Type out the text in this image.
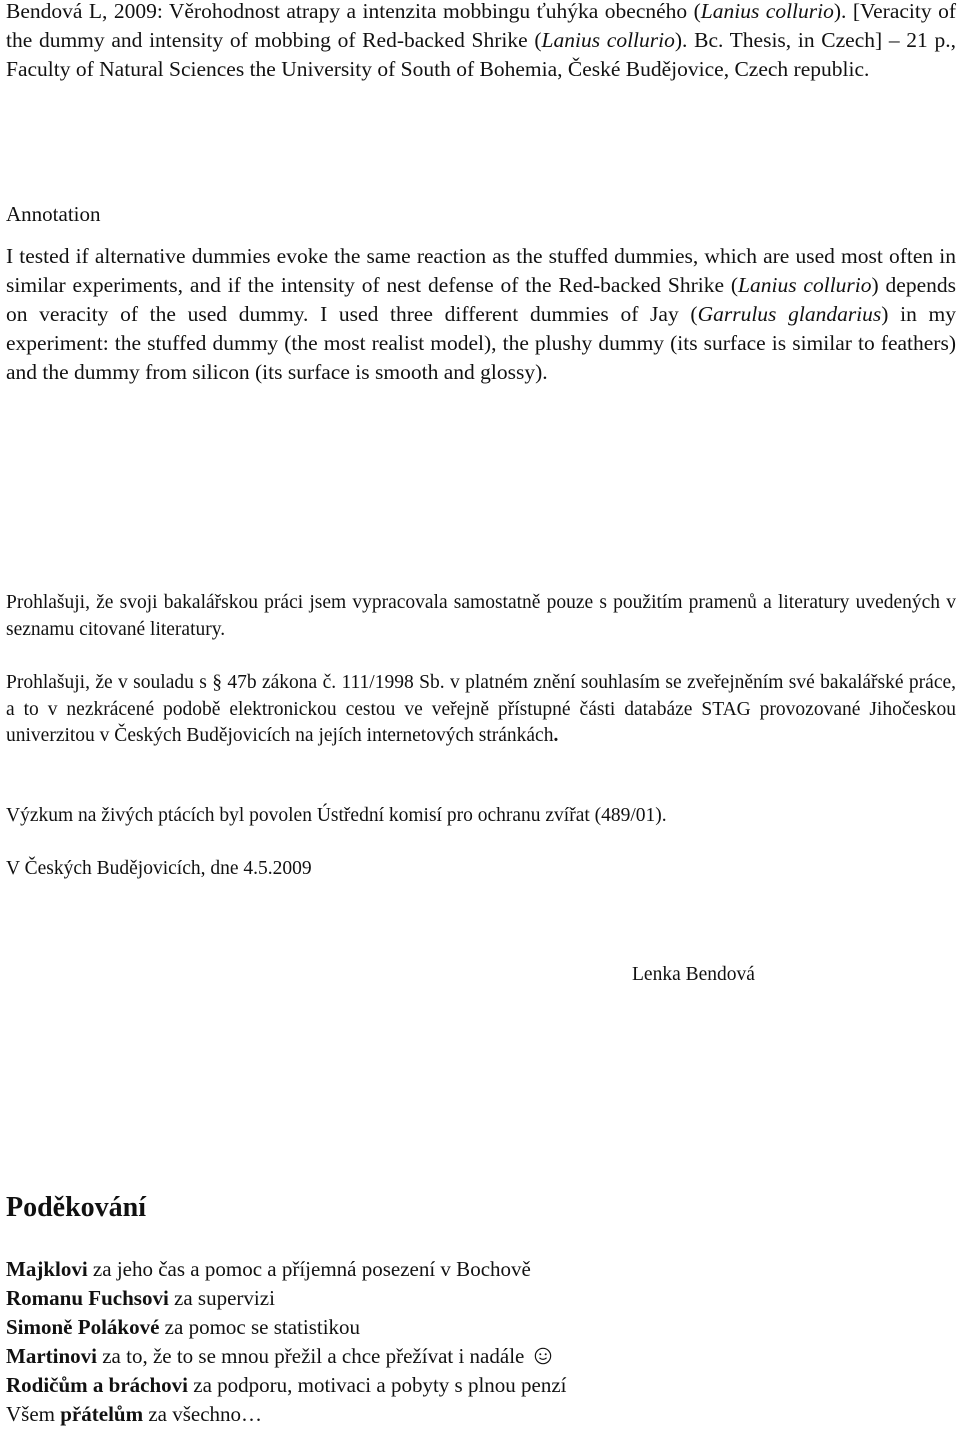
Bendová L, 2009: Věrohodnost atrapy a intenzita mobbingu ťuhýka obecného (Lanius collurio). [Veracity of the dummy and intensity of mobbing of Red-backed Shrike (Lanius collurio). Bc. Thesis, in Czech] – 21 p., Faculty of Natural Sciences the University of South of Bohemia, České Budějovice, Czech republic.
Annotation
I tested if alternative dummies evoke the same reaction as the stuffed dummies, which are used most often in similar experiments, and if the intensity of nest defense of the Red-backed Shrike (Lanius collurio) depends on veracity of the used dummy. I used three different dummies of Jay (Garrulus glandarius) in my experiment: the stuffed dummy (the most realist model), the plushy dummy (its surface is similar to feathers) and the dummy from silicon (its surface is smooth and glossy).
Prohlašuji, že svoji bakalářskou práci jsem vypracovala samostatně pouze s použitím pramenů a literatury uvedených v seznamu citované literatury.
Prohlašuji, že v souladu s § 47b zákona č. 111/1998 Sb. v platném znění souhlasím se zveřejněním své bakalářské práce, a to v nezkrácené podobě elektronickou cestou ve veřejně přístupné části databáze STAG provozované Jihočeskou univerzitou v Českých Budějovicích na jejích internetových stránkách.
Výzkum na živých ptácích byl povolen Ústřední komisí pro ochranu zvířat (489/01).
V Českých Budějovicích, dne 4.5.2009
Lenka Bendová
Poděkování
Majklovi za jeho čas a pomoc a příjemná posezení v Bochově
Romanu Fuchsovi za supervizi
Simoně Polákové za pomoc se statistikou
Martinovi za to, že to se mnou přežil a chce přežívat i nadále
Rodičům a bráchovi za podporu, motivaci a pobyty s plnou penzí
Všem přátelům za všechno…
